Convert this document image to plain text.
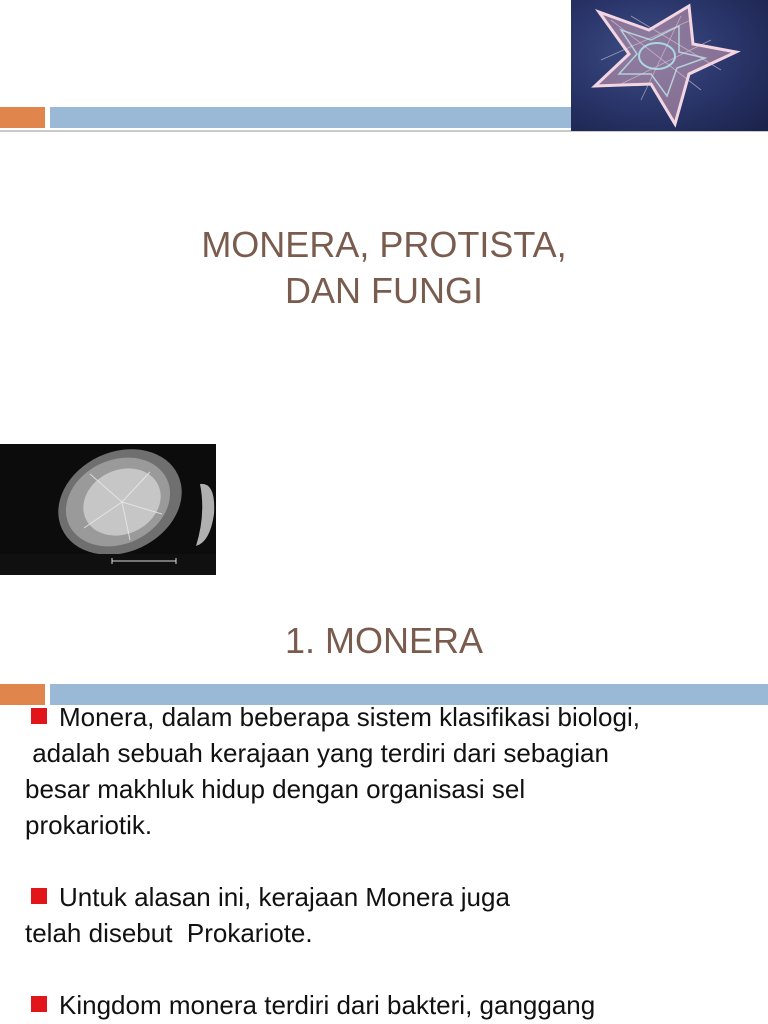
MONERA, PROTISTA,
DAN FUNGI
1. MONERA

Monera, dalam beberapa sistem klasifikasi biologi,
adalah sebuah kerajaan yang terdiri dari sebagian
besar makhluk hidup dengan organisasi sel
prokariotik.

Untuk alasan ini, kerajaan Monera juga
telah disebut  Prokariote.

Kingdom monera terdiri dari bakteri, ganggang
